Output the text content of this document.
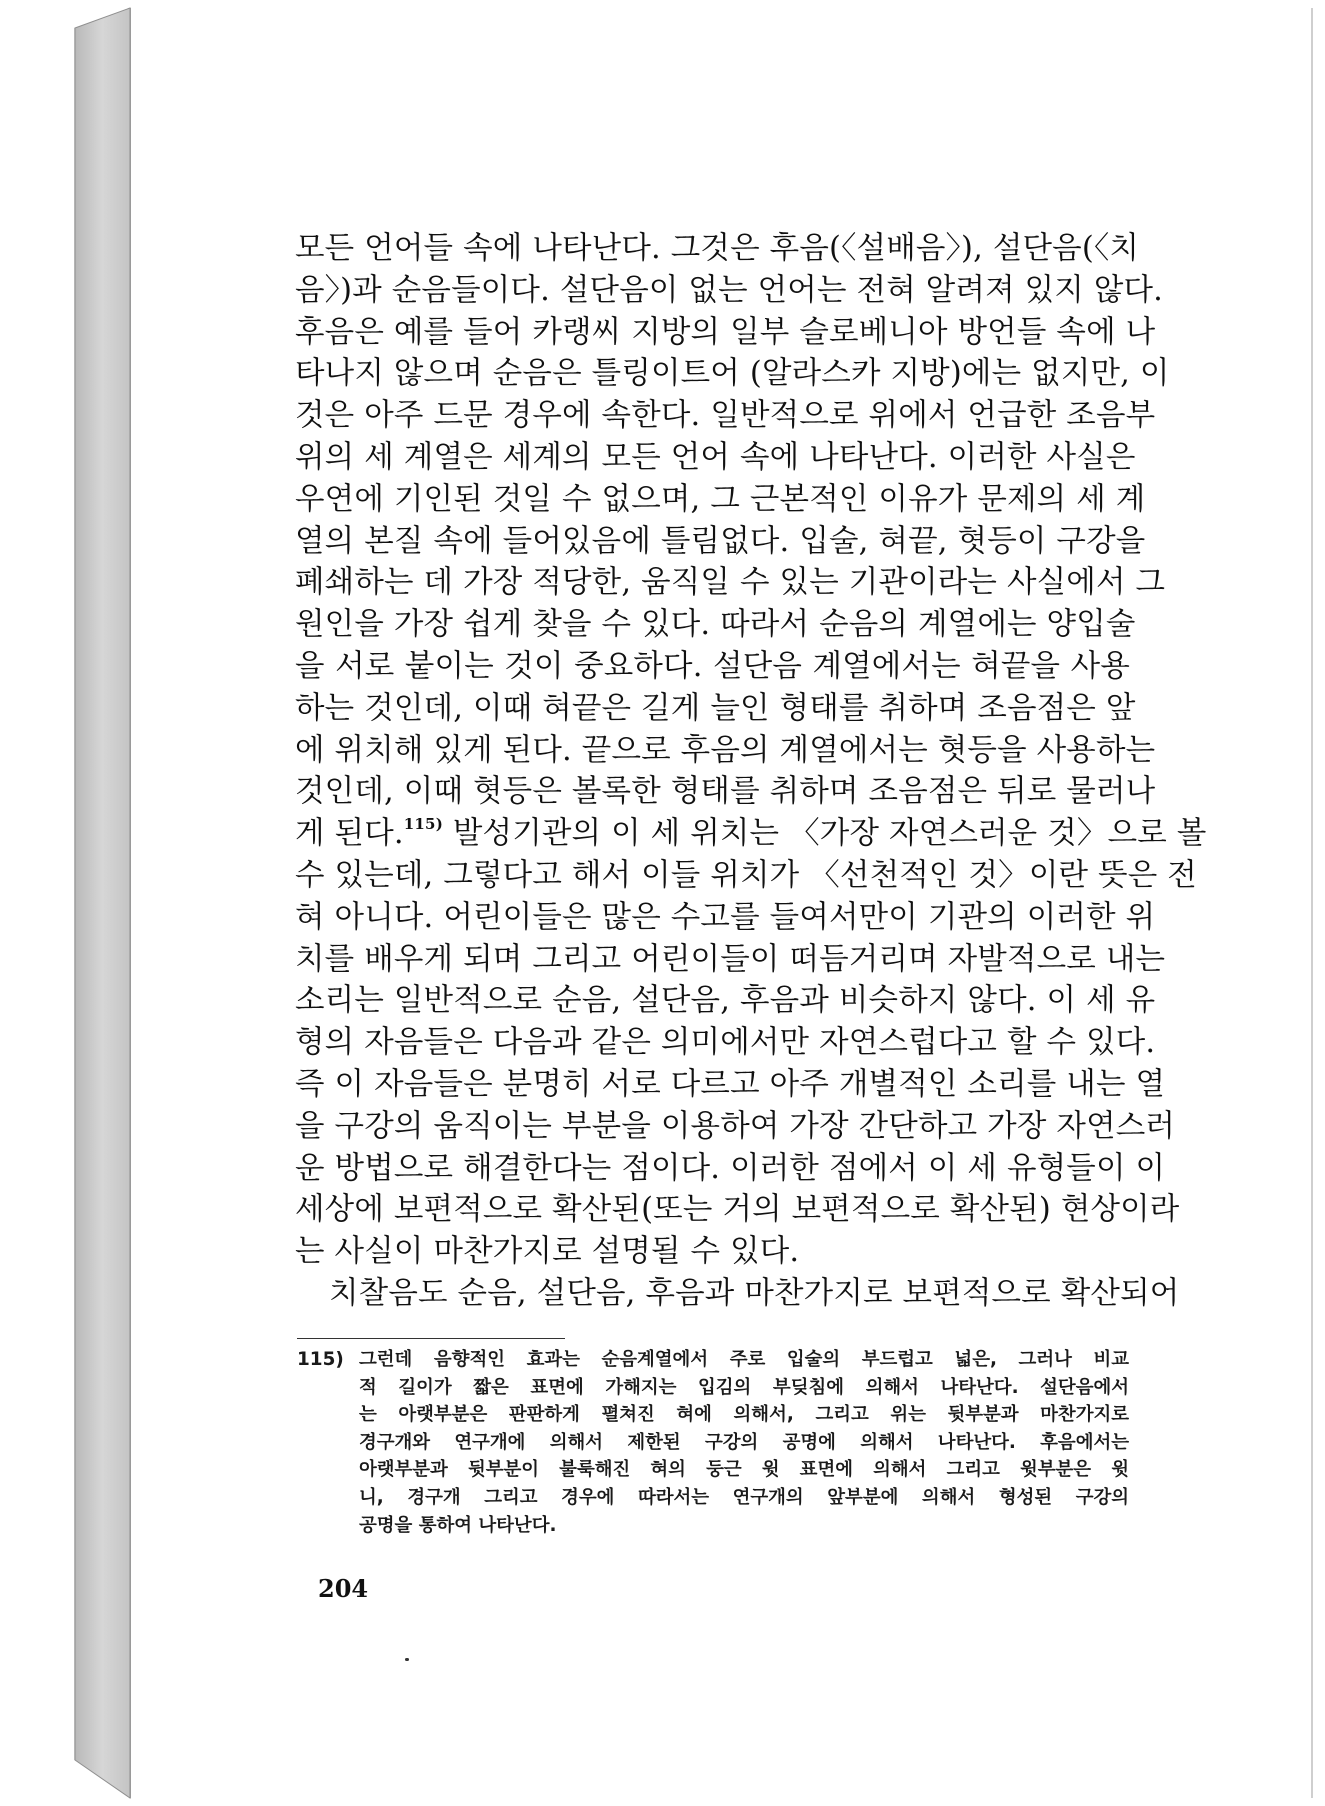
모든 언어들 속에 나타난다. 그것은 후음(〈설배음〉), 설단음(〈치
음〉)과 순음들이다. 설단음이 없는 언어는 전혀 알려져 있지 않다.
후음은 예를 들어 카랭씨 지방의 일부 슬로베니아 방언들 속에 나
타나지 않으며 순음은 틀링이트어 (알라스카 지방)에는 없지만, 이
것은 아주 드문 경우에 속한다. 일반적으로 위에서 언급한 조음부
위의 세 계열은 세계의 모든 언어 속에 나타난다. 이러한 사실은
우연에 기인된 것일 수 없으며, 그 근본적인 이유가 문제의 세 계
열의 본질 속에 들어있음에 틀림없다. 입술, 혀끝, 혓등이 구강을
폐쇄하는 데 가장 적당한, 움직일 수 있는 기관이라는 사실에서 그
원인을 가장 쉽게 찾을 수 있다. 따라서 순음의 계열에는 양입술
을 서로 붙이는 것이 중요하다. 설단음 계열에서는 혀끝을 사용
하는 것인데, 이때 혀끝은 길게 늘인 형태를 취하며 조음점은 앞
에 위치해 있게 된다. 끝으로 후음의 계열에서는 혓등을 사용하는
것인데, 이때 혓등은 볼록한 형태를 취하며 조음점은 뒤로 물러나
게 된다.$^{115)}$ 발성기관의 이 세 위치는 〈가장 자연스러운 것〉으로 볼
수 있는데, 그렇다고 해서 이들 위치가 〈선천적인 것〉이란 뜻은 전
혀 아니다. 어린이들은 많은 수고를 들여서만이 기관의 이러한 위
치를 배우게 되며 그리고 어린이들이 떠듬거리며 자발적으로 내는
소리는 일반적으로 순음, 설단음, 후음과 비슷하지 않다. 이 세 유
형의 자음들은 다음과 같은 의미에서만 자연스럽다고 할 수 있다.
즉 이 자음들은 분명히 서로 다르고 아주 개별적인 소리를 내는 열
을 구강의 움직이는 부분을 이용하여 가장 간단하고 가장 자연스러
운 방법으로 해결한다는 점이다. 이러한 점에서 이 세 유형들이 이
세상에 보편적으로 확산된(또는 거의 보편적으로 확산된) 현상이라
는 사실이 마찬가지로 설명될 수 있다.
치찰음도 순음, 설단음, 후음과 마찬가지로 보편적으로 확산되어
115) 그런데 음향적인 효과는 순음계열에서 주로 입술의 부드럽고 넓은, 그러나 비교
적 길이가 짧은 표면에 가해지는 입김의 부딪침에 의해서 나타난다. 설단음에서
는 아랫부분은 판판하게 펼쳐진 혀에 의해서, 그리고 위는 뒷부분과 마찬가지로
경구개와 연구개에 의해서 제한된 구강의 공명에 의해서 나타난다. 후음에서는
아랫부분과 뒷부분이 불룩해진 혀의 둥근 윗 표면에 의해서 그리고 윗부분은 윗
니, 경구개 그리고 경우에 따라서는 연구개의 앞부분에 의해서 형성된 구강의
공명을 통하여 나타난다.
204
